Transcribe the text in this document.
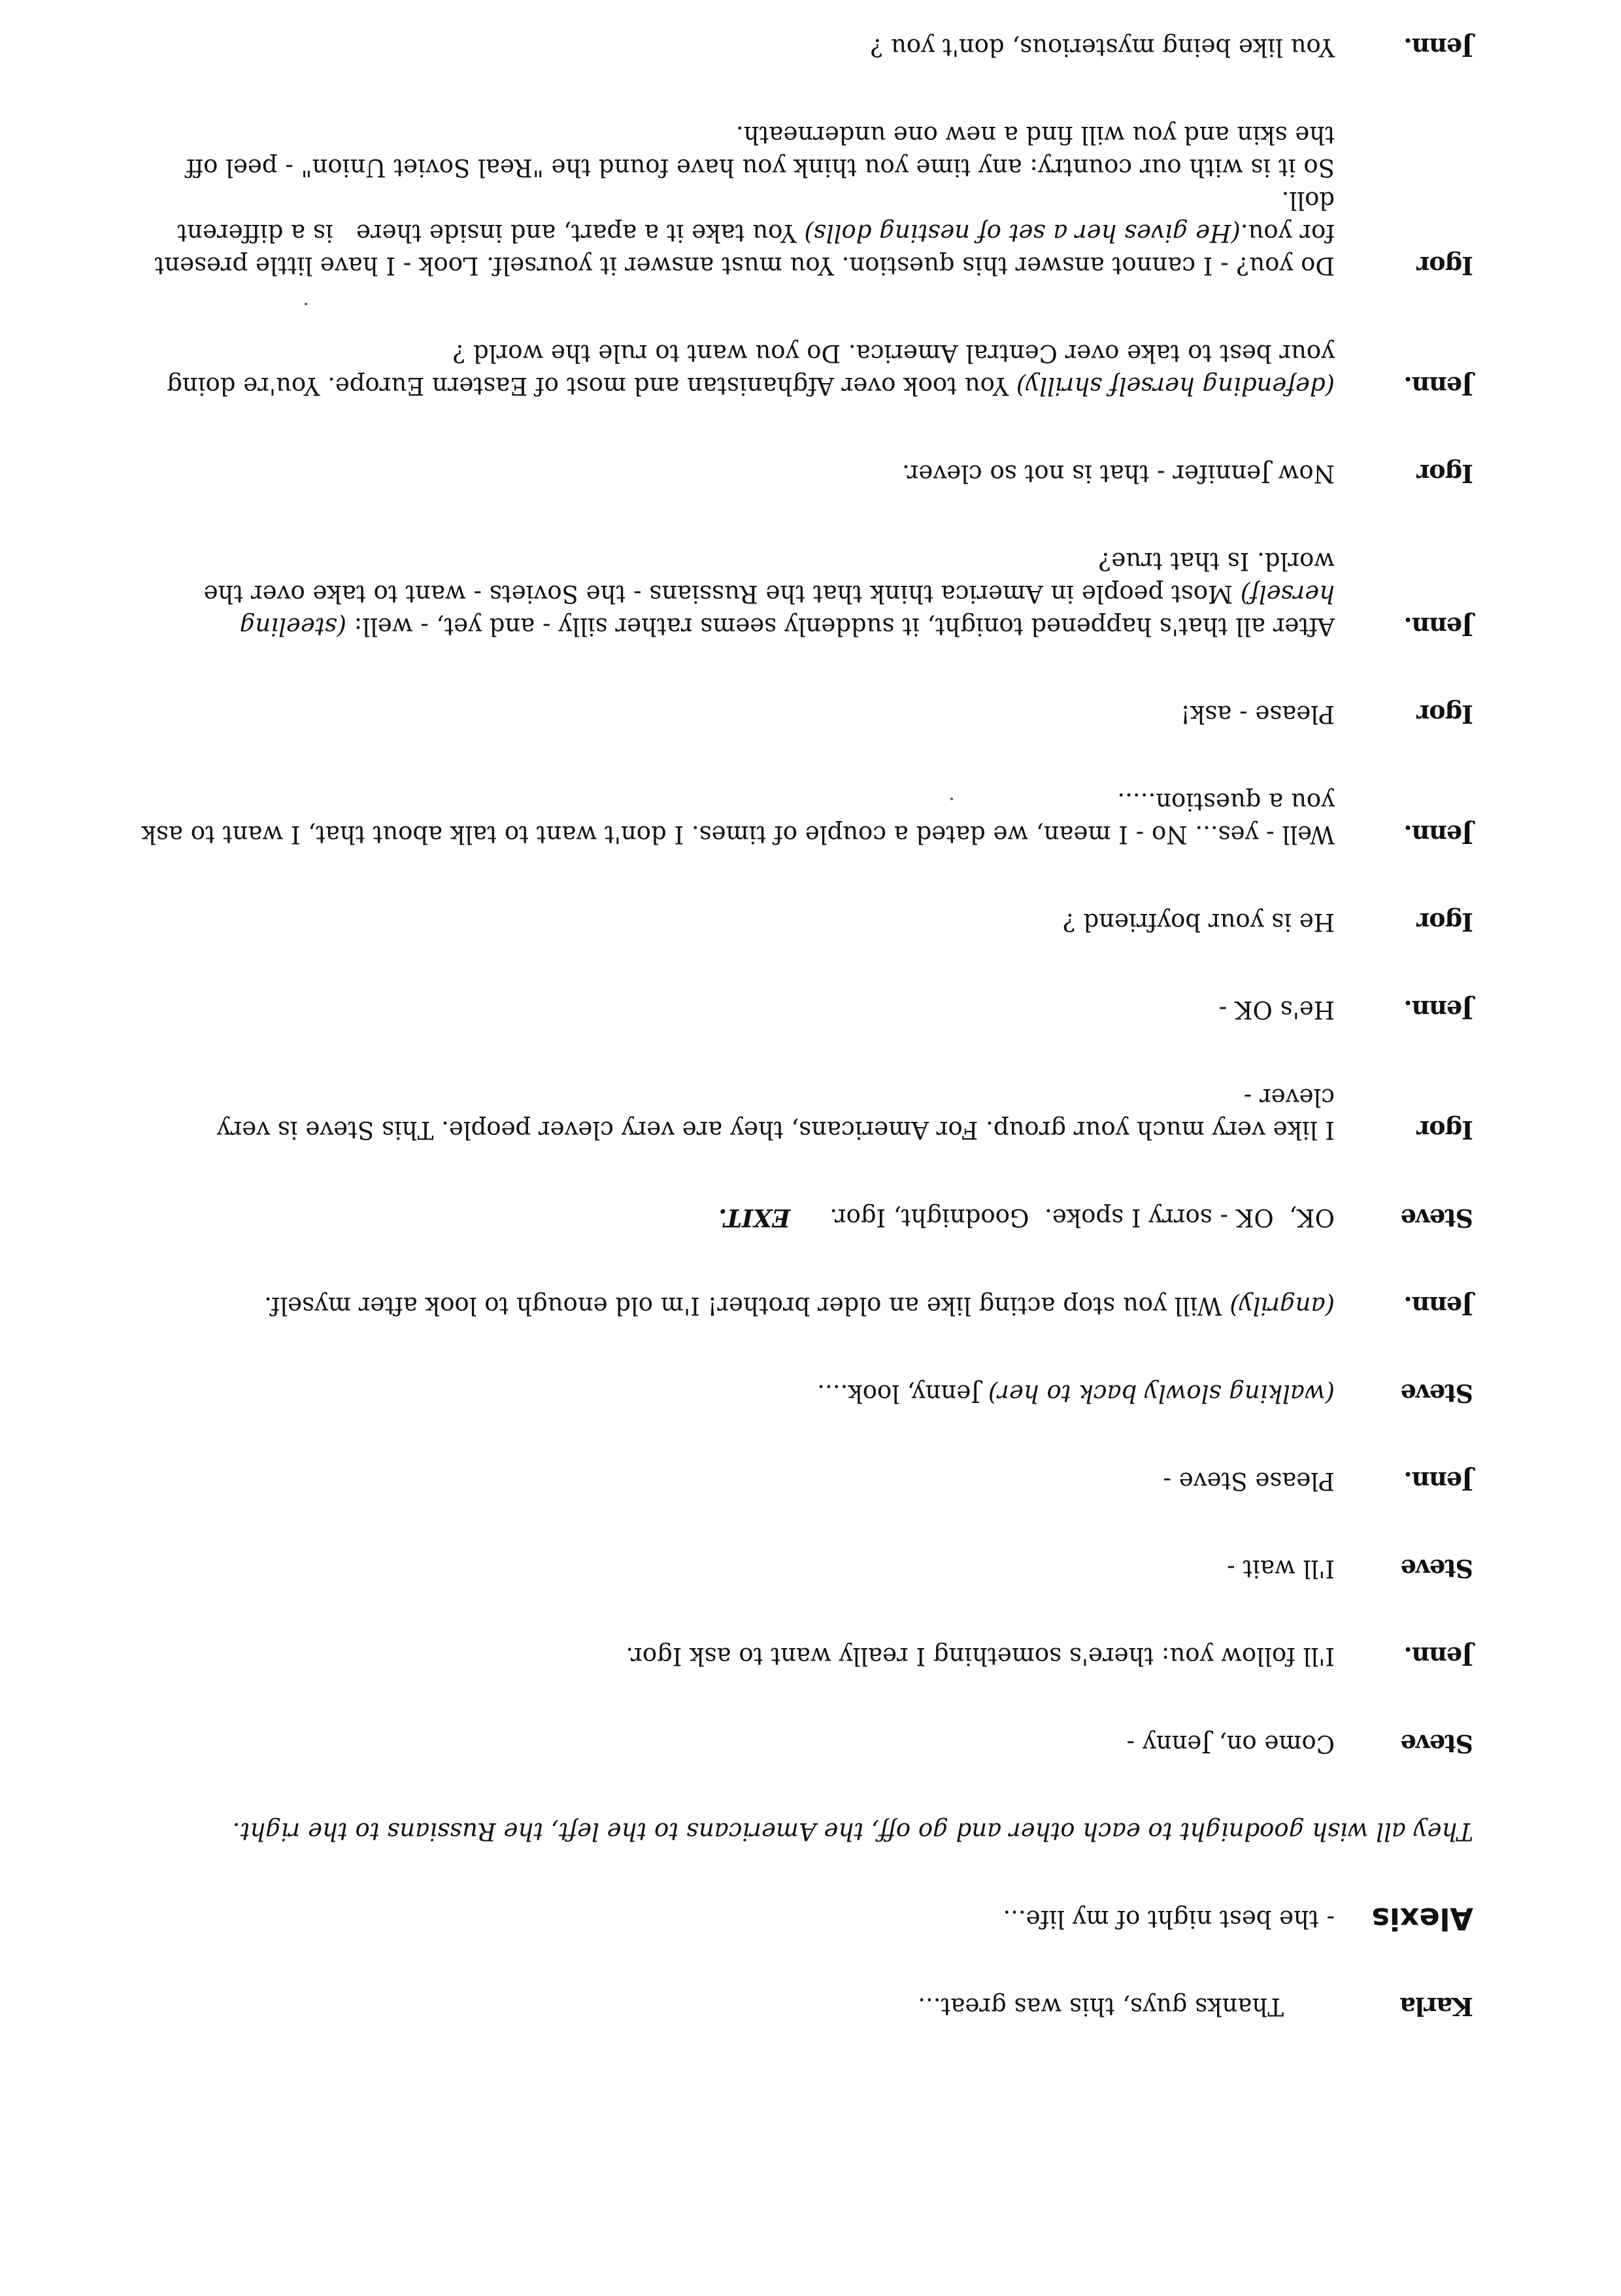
Karla
Thanks guys, this was great...
Alexis
- the best night of my life...
They all wish goodnight to each other and go off, the Americans to the left, the Russians to the right.
Steve
Come on, Jenny -
Jenn.
I'll follow you: there's something I really want to ask Igor.
Steve
I'll wait -
Jenn.
Please Steve -
Steve
(walking slowly back to her) Jenny, look....
Jenn.
(angrily) Will you stop acting like an older brother! I'm old enough to look after myself.
Steve
OK,  OK - sorry I spoke.  Goodnight, Igor.EXIT.
Igor
I like very much your group. For Americans, they are very clever people. This Steve is very clever -
Jenn.
He's OK -
Igor
He is your boyfriend ?
Jenn.
Well - yes... No - I mean, we dated a couple of times. I don't want to talk about that, I want to ask you a question.....
Igor
Please - ask!
Jenn.
After all that's happened tonight, it suddenly seems rather silly - and yet, - well: (steeling herself) Most people in America think that the Russians - the Soviets - want to take over the world. Is that true?
Igor
Now Jennifer - that is not so clever.
Jenn.
(defending herself shrilly) You took over Afghanistan and most of Eastern Europe. You're doing your best to take over Central America. Do you want to rule the world ?
Igor
Do you? - I cannot answer this question. You must answer it yourself. Look - I have little present for you.(He gives her a set of nesting dolls) You take it a apart, and inside there   is a different doll.
So it is with our country: any time you think you have found the "Real Soviet Union" - peel off the skin and you will find a new one underneath.
Jenn.
You like being mysterious, don't you ?
